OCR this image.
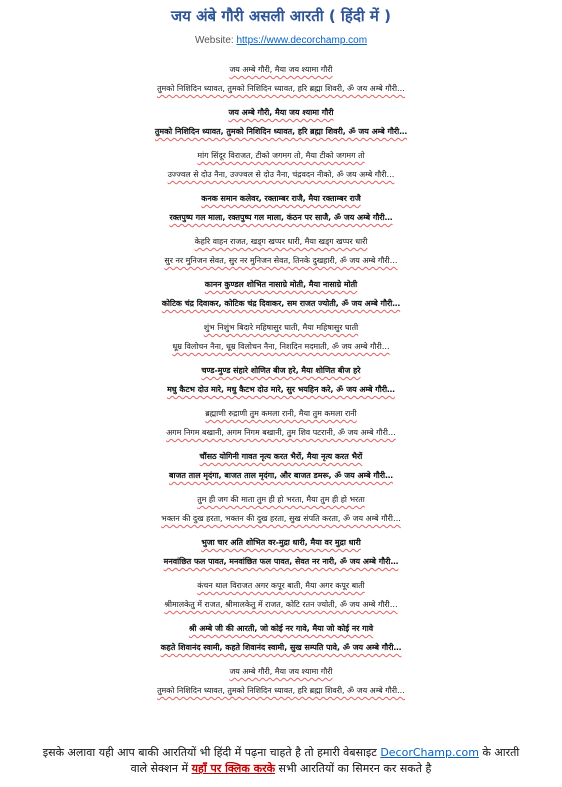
जय अंबे गौरी असली आरती ( हिंदी में )
Website: https://www.decorchamp.com
जय अम्बे गौरी, मैया जय श्यामा गौरी
तुमको निशिदिन ध्यावत, तुमको निशिदिन ध्यावत, हरि ब्रह्मा शिवरी, ॐ जय अम्बे गौरी…
जय अम्बे गौरी, मैया जय श्यामा गौरी
तुमको निशिदिन ध्यावत, तुमको निशिदिन ध्यावत, हरि ब्रह्मा शिवरी, ॐ जय अम्बे गौरी…
मांग सिंदूर विराजत, टीको जगमग तो, मैया टीको जगमग तो
उज्ज्वल से दोउ नैना, उज्ज्वल से दोउ नैना, चंद्रवदन नीको, ॐ जय अम्बे गौरी…
कनक समान कलेवर, रक्ताम्बर राजै, मैया रक्ताम्बर राजै
रक्तपुष्प गल माला, रक्तपुष्प गल माला, कंठन पर साजै, ॐ जय अम्बे गौरी…
केहरि वाहन राजत, खड्ग खप्पर धारी, मैया खड्ग खप्पर धारी
सुर नर मुनिजन सेवत, सुर नर मुनिजन सेवत, तिनके दुखहारी, ॐ जय अम्बे गौरी…
कानन कुण्डल शोभित नासाग्रे मोती, मैया नासाग्रे मोती
कोटिक चंद्र दिवाकर, कोटिक चंद्र दिवाकर, सम राजत ज्योती, ॐ जय अम्बे गौरी…
शुंभ निशुंभ बिदारे महिषासुर घाती, मैया महिषासुर घाती
धूम्र विलोचन नैना, धूम्र विलोचन नैना, निशदिन मदमाती, ॐ जय अम्बे गौरी…
चण्ड-मुण्ड संहारे शोणित बीज हरे, मैया शोणित बीज हरे
मधु कैटभ दोउ मारे, मधु कैटभ दोउ मारे, सुर भयहिन करे, ॐ जय अम्बे गौरी…
ब्रह्माणी रुद्राणी तुम कमला रानी, मैया तुम कमला रानी
अगम निगम बखानी, अगम निगम बखानी, तुम शिव पटरानी, ॐ जय अम्बे गौरी…
चौंसठ योगिनी गावत नृत्य करत भैरों, मैया नृत्य करत भैरों
बाजत ताल मृदंगा, बाजत ताल मृदंगा, और बाजत डमरू, ॐ जय अम्बे गौरी…
तुम ही जग की माता तुम ही हो भरता, मैया तुम ही हो भरता
भक्तन की दुख हरता, भक्तन की दुख हरता, सुख संपति करता, ॐ जय अम्बे गौरी…
भुजा चार अति शोभित वर-मुद्रा धारी, मैया वर मुद्रा धारी
मनवांछित फल पावत, मनवांछित फल पावत, सेवत नर नारी, ॐ जय अम्बे गौरी…
कंचन थाल विराजत अगर कपूर बाती, मैया अगर कपूर बाती
श्रीमालकेतु में राजत, श्रीमालकेतु में राजत, कोटि रतन ज्योती, ॐ जय अम्बे गौरी…
श्री अम्बे जी की आरती, जो कोई नर गावे, मैया जो कोई नर गावे
कहते शिवानंद स्वामी, कहते शिवानंद स्वामी, सुख सम्पति पावे, ॐ जय अम्बे गौरी…
जय अम्बे गौरी, मैया जय श्यामा गौरी
तुमको निशिदिन ध्यावत, तुमको निशिदिन ध्यावत, हरि ब्रह्मा शिवरी, ॐ जय अम्बे गौरी…
इसके अलावा यही आप बाकी आरतियों भी हिंदी में पढ़ना चाहते है तो हमारी वेबसाइट DecorChamp.com के आरती
वाले सेक्शन में यहाँ पर क्लिक करके सभी आरतियों का सिमरन कर सकते है
